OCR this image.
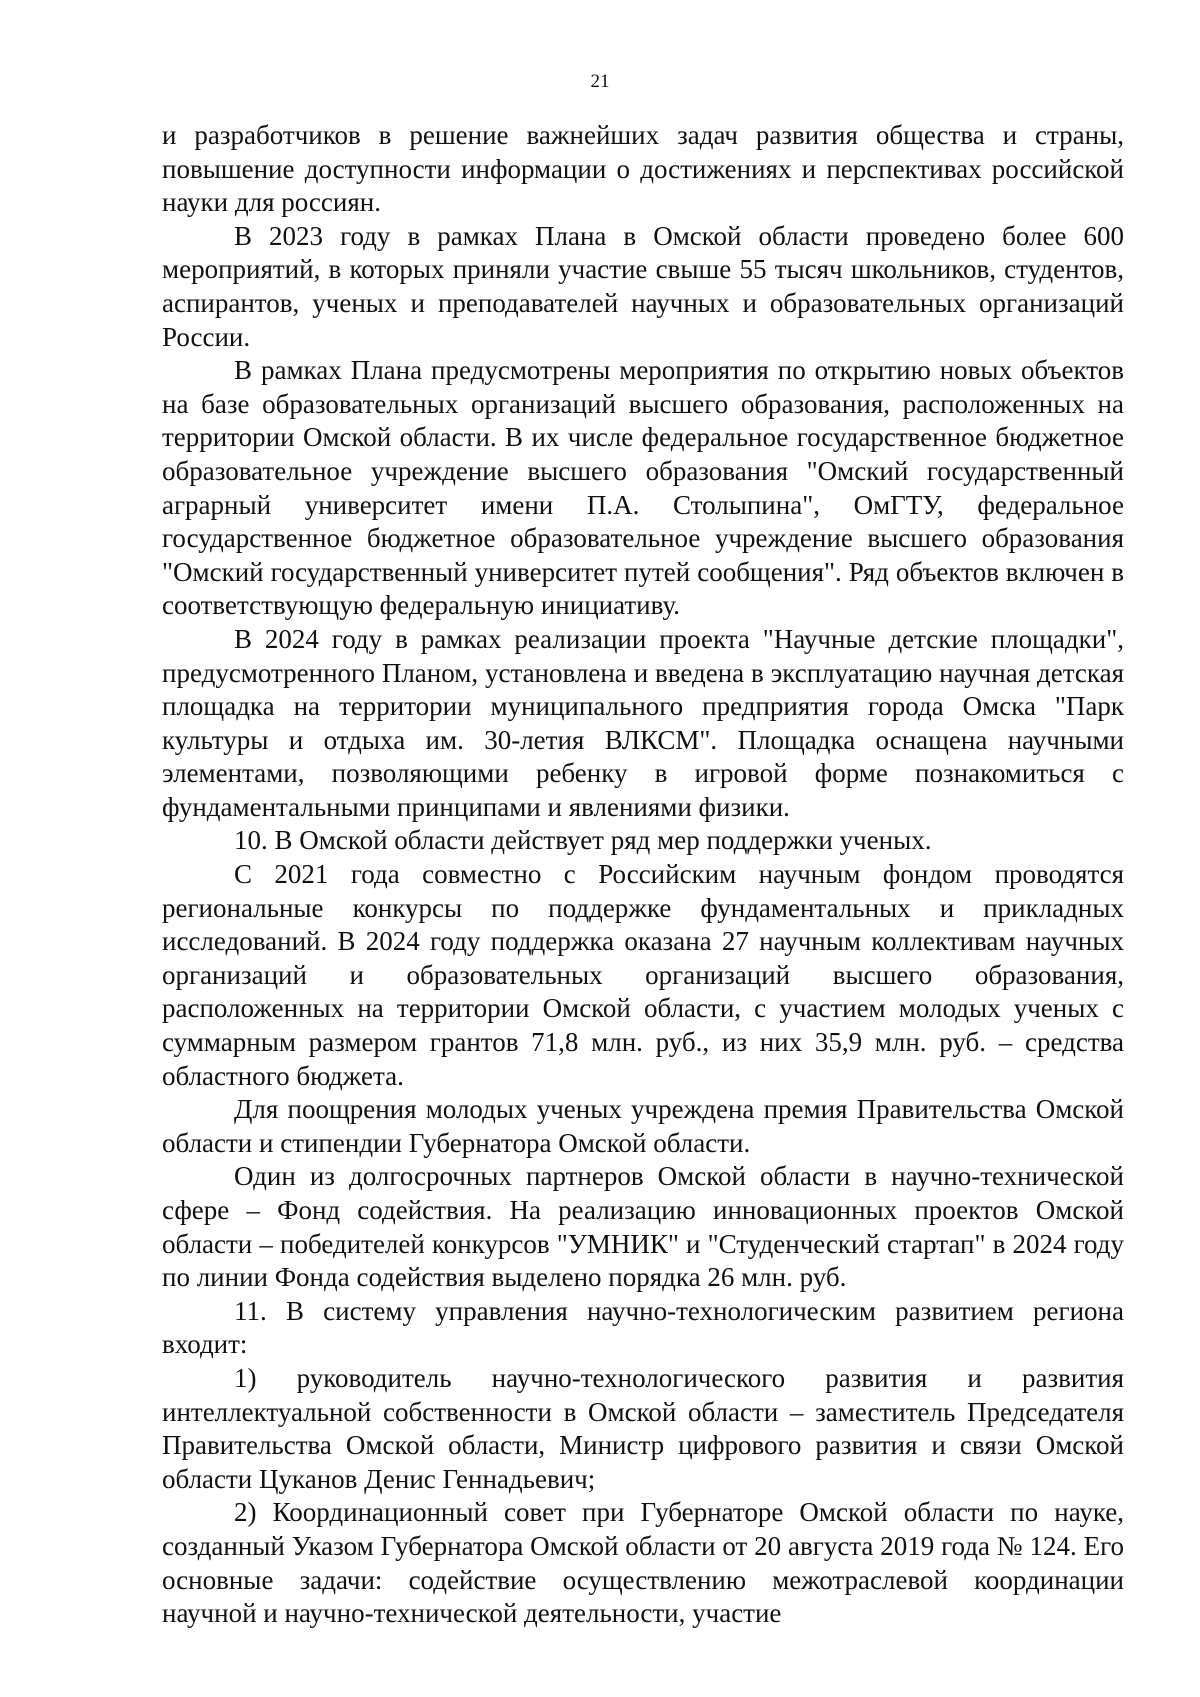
21

и разработчиков в решение важнейших задач развития общества и страны, повышение доступности информации о достижениях и перспективах российской науки для россиян.

В 2023 году в рамках Плана в Омской области проведено более 600 мероприятий, в которых приняли участие свыше 55 тысяч школьников, студентов, аспирантов, ученых и преподавателей научных и образовательных организаций России.

В рамках Плана предусмотрены мероприятия по открытию новых объектов на базе образовательных организаций высшего образования, расположенных на территории Омской области. В их числе федеральное государственное бюджетное образовательное учреждение высшего образования "Омский государственный аграрный университет имени П.А. Столыпина", ОмГТУ, федеральное государственное бюджетное образовательное учреждение высшего образования "Омский государственный университет путей сообщения". Ряд объектов включен в соответствующую федеральную инициативу.

В 2024 году в рамках реализации проекта "Научные детские площадки", предусмотренного Планом, установлена и введена в эксплуатацию научная детская площадка на территории муниципального предприятия города Омска "Парк культуры и отдыха им. 30-летия ВЛКСМ". Площадка оснащена научными элементами, позволяющими ребенку в игровой форме познакомиться с фундаментальными принципами и явлениями физики.

10. В Омской области действует ряд мер поддержки ученых.

С 2021 года совместно с Российским научным фондом проводятся региональные конкурсы по поддержке фундаментальных и прикладных исследований. В 2024 году поддержка оказана 27 научным коллективам научных организаций и образовательных организаций высшего образования, расположенных на территории Омской области, с участием молодых ученых с суммарным размером грантов 71,8 млн. руб., из них 35,9 млн. руб. – средства областного бюджета.

Для поощрения молодых ученых учреждена премия Правительства Омской области и стипендии Губернатора Омской области.

Один из долгосрочных партнеров Омской области в научно-технической сфере – Фонд содействия. На реализацию инновационных проектов Омской области – победителей конкурсов "УМНИК" и "Студенческий стартап" в 2024 году по линии Фонда содействия выделено порядка 26 млн. руб.

11. В систему управления научно-технологическим развитием региона входит:

1) руководитель научно-технологического развития и развития интеллектуальной собственности в Омской области – заместитель Председателя Правительства Омской области, Министр цифрового развития и связи Омской области Цуканов Денис Геннадьевич;

2) Координационный совет при Губернаторе Омской области по науке, созданный Указом Губернатора Омской области от 20 августа 2019 года № 124. Его основные задачи: содействие осуществлению межотраслевой координации научной и научно-технической деятельности, участие
